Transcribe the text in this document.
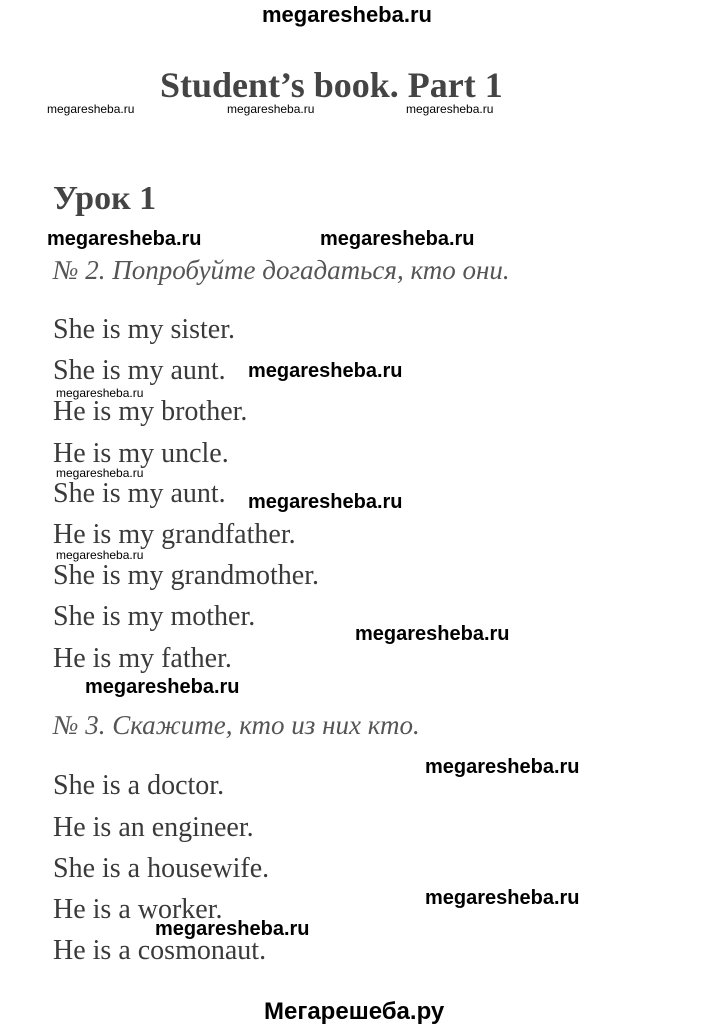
megaresheba.ru
Student’s book. Part 1
megaresheba.ru	megaresheba.ru	megaresheba.ru
Урок 1
megaresheba.ru	megaresheba.ru
№ 2. Попробуйте догадаться, кто они.
She is my sister.
She is my aunt. megaresheba.ru
megaresheba.ru
He is my brother.
He is my uncle.
megaresheba.ru
She is my aunt. megaresheba.ru
He is my grandfather.
megaresheba.ru
She is my grandmother.
She is my mother.
megaresheba.ru
He is my father.
megaresheba.ru
№ 3. Скажите, кто из них кто.
megaresheba.ru
She is a doctor.
He is an engineer.
She is a housewife.
megaresheba.ru
He is a worker.
megaresheba.ru
He is a cosmonaut.
Мегарешеба.ру
